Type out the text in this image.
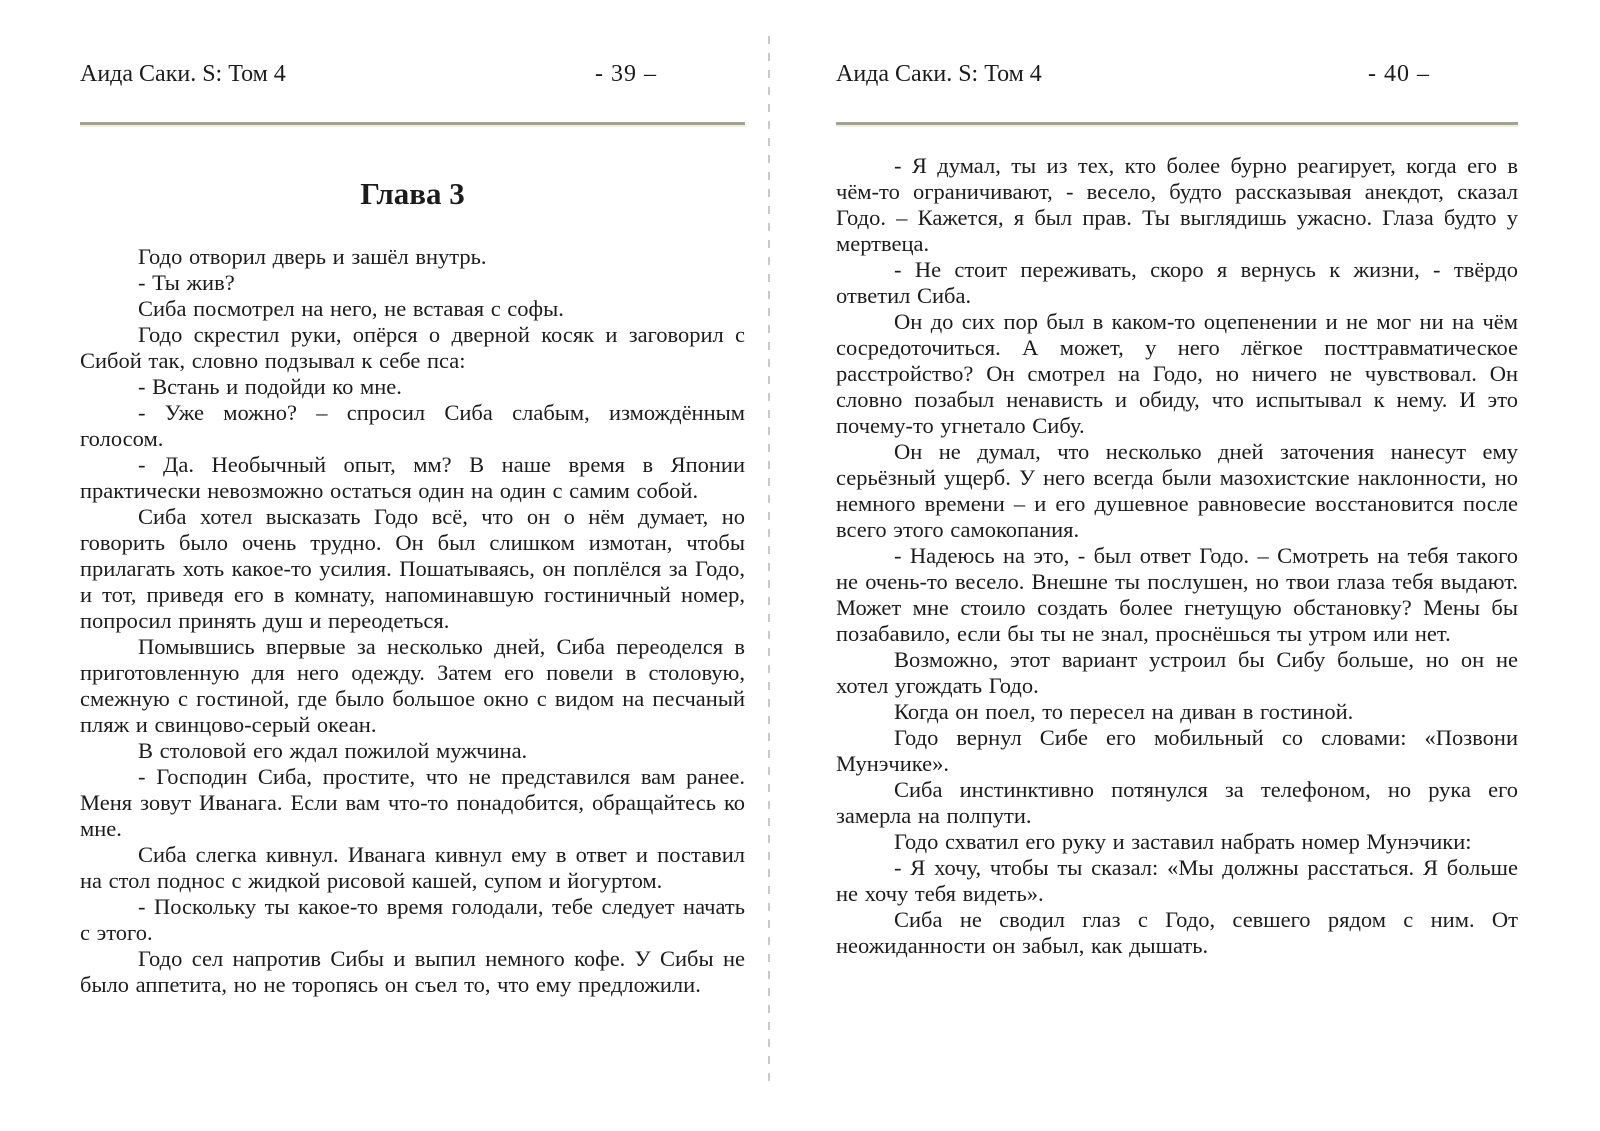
Аида Саки. S: Том 4	- 39 –
Глава 3

Годо отворил дверь и зашёл внутрь.

- Ты жив?

Сиба посмотрел на него, не вставая с софы.

Годо скрестил руки, опёрся о дверной косяк и заговорил с Сибой так, словно подзывал к себе пса:

- Встань и подойди ко мне.

- Уже можно? – спросил Сиба слабым, измождённым голосом.

- Да. Необычный опыт, мм? В наше время в Японии практически невозможно остаться один на один с самим собой.

Сиба хотел высказать Годо всё, что он о нём думает, но говорить было очень трудно. Он был слишком измотан, чтобы прилагать хоть какое-то усилия. Пошатываясь, он поплёлся за Годо, и тот, приведя его в комнату, напоминавшую гостиничный номер, попросил принять душ и переодеться.

Помывшись впервые за несколько дней, Сиба переоделся в приготовленную для него одежду. Затем его повели в столовую, смежную с гостиной, где было большое окно с видом на песчаный пляж и свинцово-серый океан.

В столовой его ждал пожилой мужчина.

- Господин Сиба, простите, что не представился вам ранее. Меня зовут Иванага. Если вам что-то понадобится, обращайтесь ко мне.

Сиба слегка кивнул. Иванага кивнул ему в ответ и поставил на стол поднос с жидкой рисовой кашей, супом и йогуртом.

- Поскольку ты какое-то время голодали, тебе следует начать с этого.

Годо сел напротив Сибы и выпил немного кофе. У Сибы не было аппетита, но не торопясь он съел то, что ему предложили.

Аида Саки. S: Том 4	- 40 –

- Я думал, ты из тех, кто более бурно реагирует, когда его в чём-то ограничивают, - весело, будто рассказывая анекдот, сказал Годо. – Кажется, я был прав. Ты выглядишь ужасно. Глаза будто у мертвеца.

- Не стоит переживать, скоро я вернусь к жизни, - твёрдо ответил Сиба.

Он до сих пор был в каком-то оцепенении и не мог ни на чём сосредоточиться. А может, у него лёгкое посттравматическое расстройство? Он смотрел на Годо, но ничего не чувствовал. Он словно позабыл ненависть и обиду, что испытывал к нему. И это почему-то угнетало Сибу.

Он не думал, что несколько дней заточения нанесут ему серьёзный ущерб. У него всегда были мазохистские наклонности, но немного времени – и его душевное равновесие восстановится после всего этого самокопания.

- Надеюсь на это, - был ответ Годо. – Смотреть на тебя такого не очень-то весело. Внешне ты послушен, но твои глаза тебя выдают. Может мне стоило создать более гнетущую обстановку? Мены бы позабавило, если бы ты не знал, проснёшься ты утром или нет.

Возможно, этот вариант устроил бы Сибу больше, но он не хотел угождать Годо.

Когда он поел, то пересел на диван в гостиной.

Годо вернул Сибе его мобильный со словами: «Позвони Мунэчике».

Сиба инстинктивно потянулся за телефоном, но рука его замерла на полпути.

Годо схватил его руку и заставил набрать номер Мунэчики:

- Я хочу, чтобы ты сказал: «Мы должны расстаться. Я больше не хочу тебя видеть».

Сиба не сводил глаз с Годо, севшего рядом с ним. От неожиданности он забыл, как дышать.
